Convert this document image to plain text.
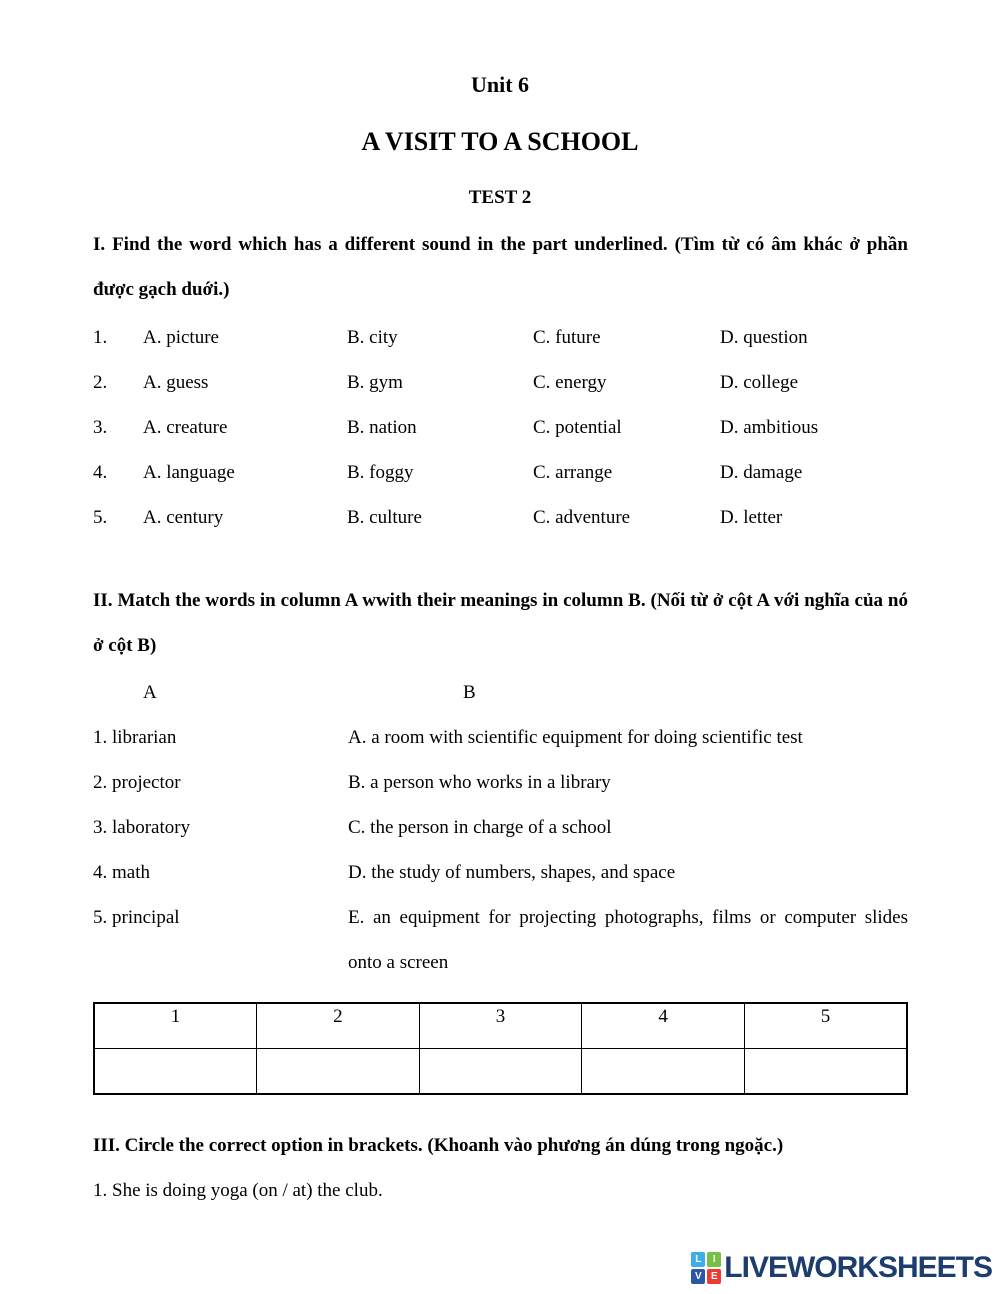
Unit 6
A VISIT TO A SCHOOL
TEST 2
I. Find the word which has a different sound in the part underlined. (Tìm từ có âm khác ở phần được gạch duới.)
1. A. picture	B. city	C. future	D. question
2. A. guess	B. gym	C. energy	D. college
3. A. creature	B. nation	C. potential	D. ambitious
4. A. language	B. foggy	C. arrange	D. damage
5. A. century	B. culture	C. adventure	D. letter
II. Match the words in column A wwith their meanings in column B. (Nối từ ở cột A với nghĩa của nó ở cột B)
A	B
1. librarian	A. a room with scientific equipment for doing scientific test
2. projector	B. a person who works in a library
3. laboratory	C. the person in charge of a school
4. math	D. the study of numbers, shapes, and space
5. principal	E. an equipment for projecting photographs, films or computer slides onto a screen
1	2	3	4	5

III. Circle the correct option in brackets. (Khoanh vào phương án dúng trong ngoặc.)
1. She is doing yoga (on / at) the club.
L	I
V E LIVEWORKSHEETS
